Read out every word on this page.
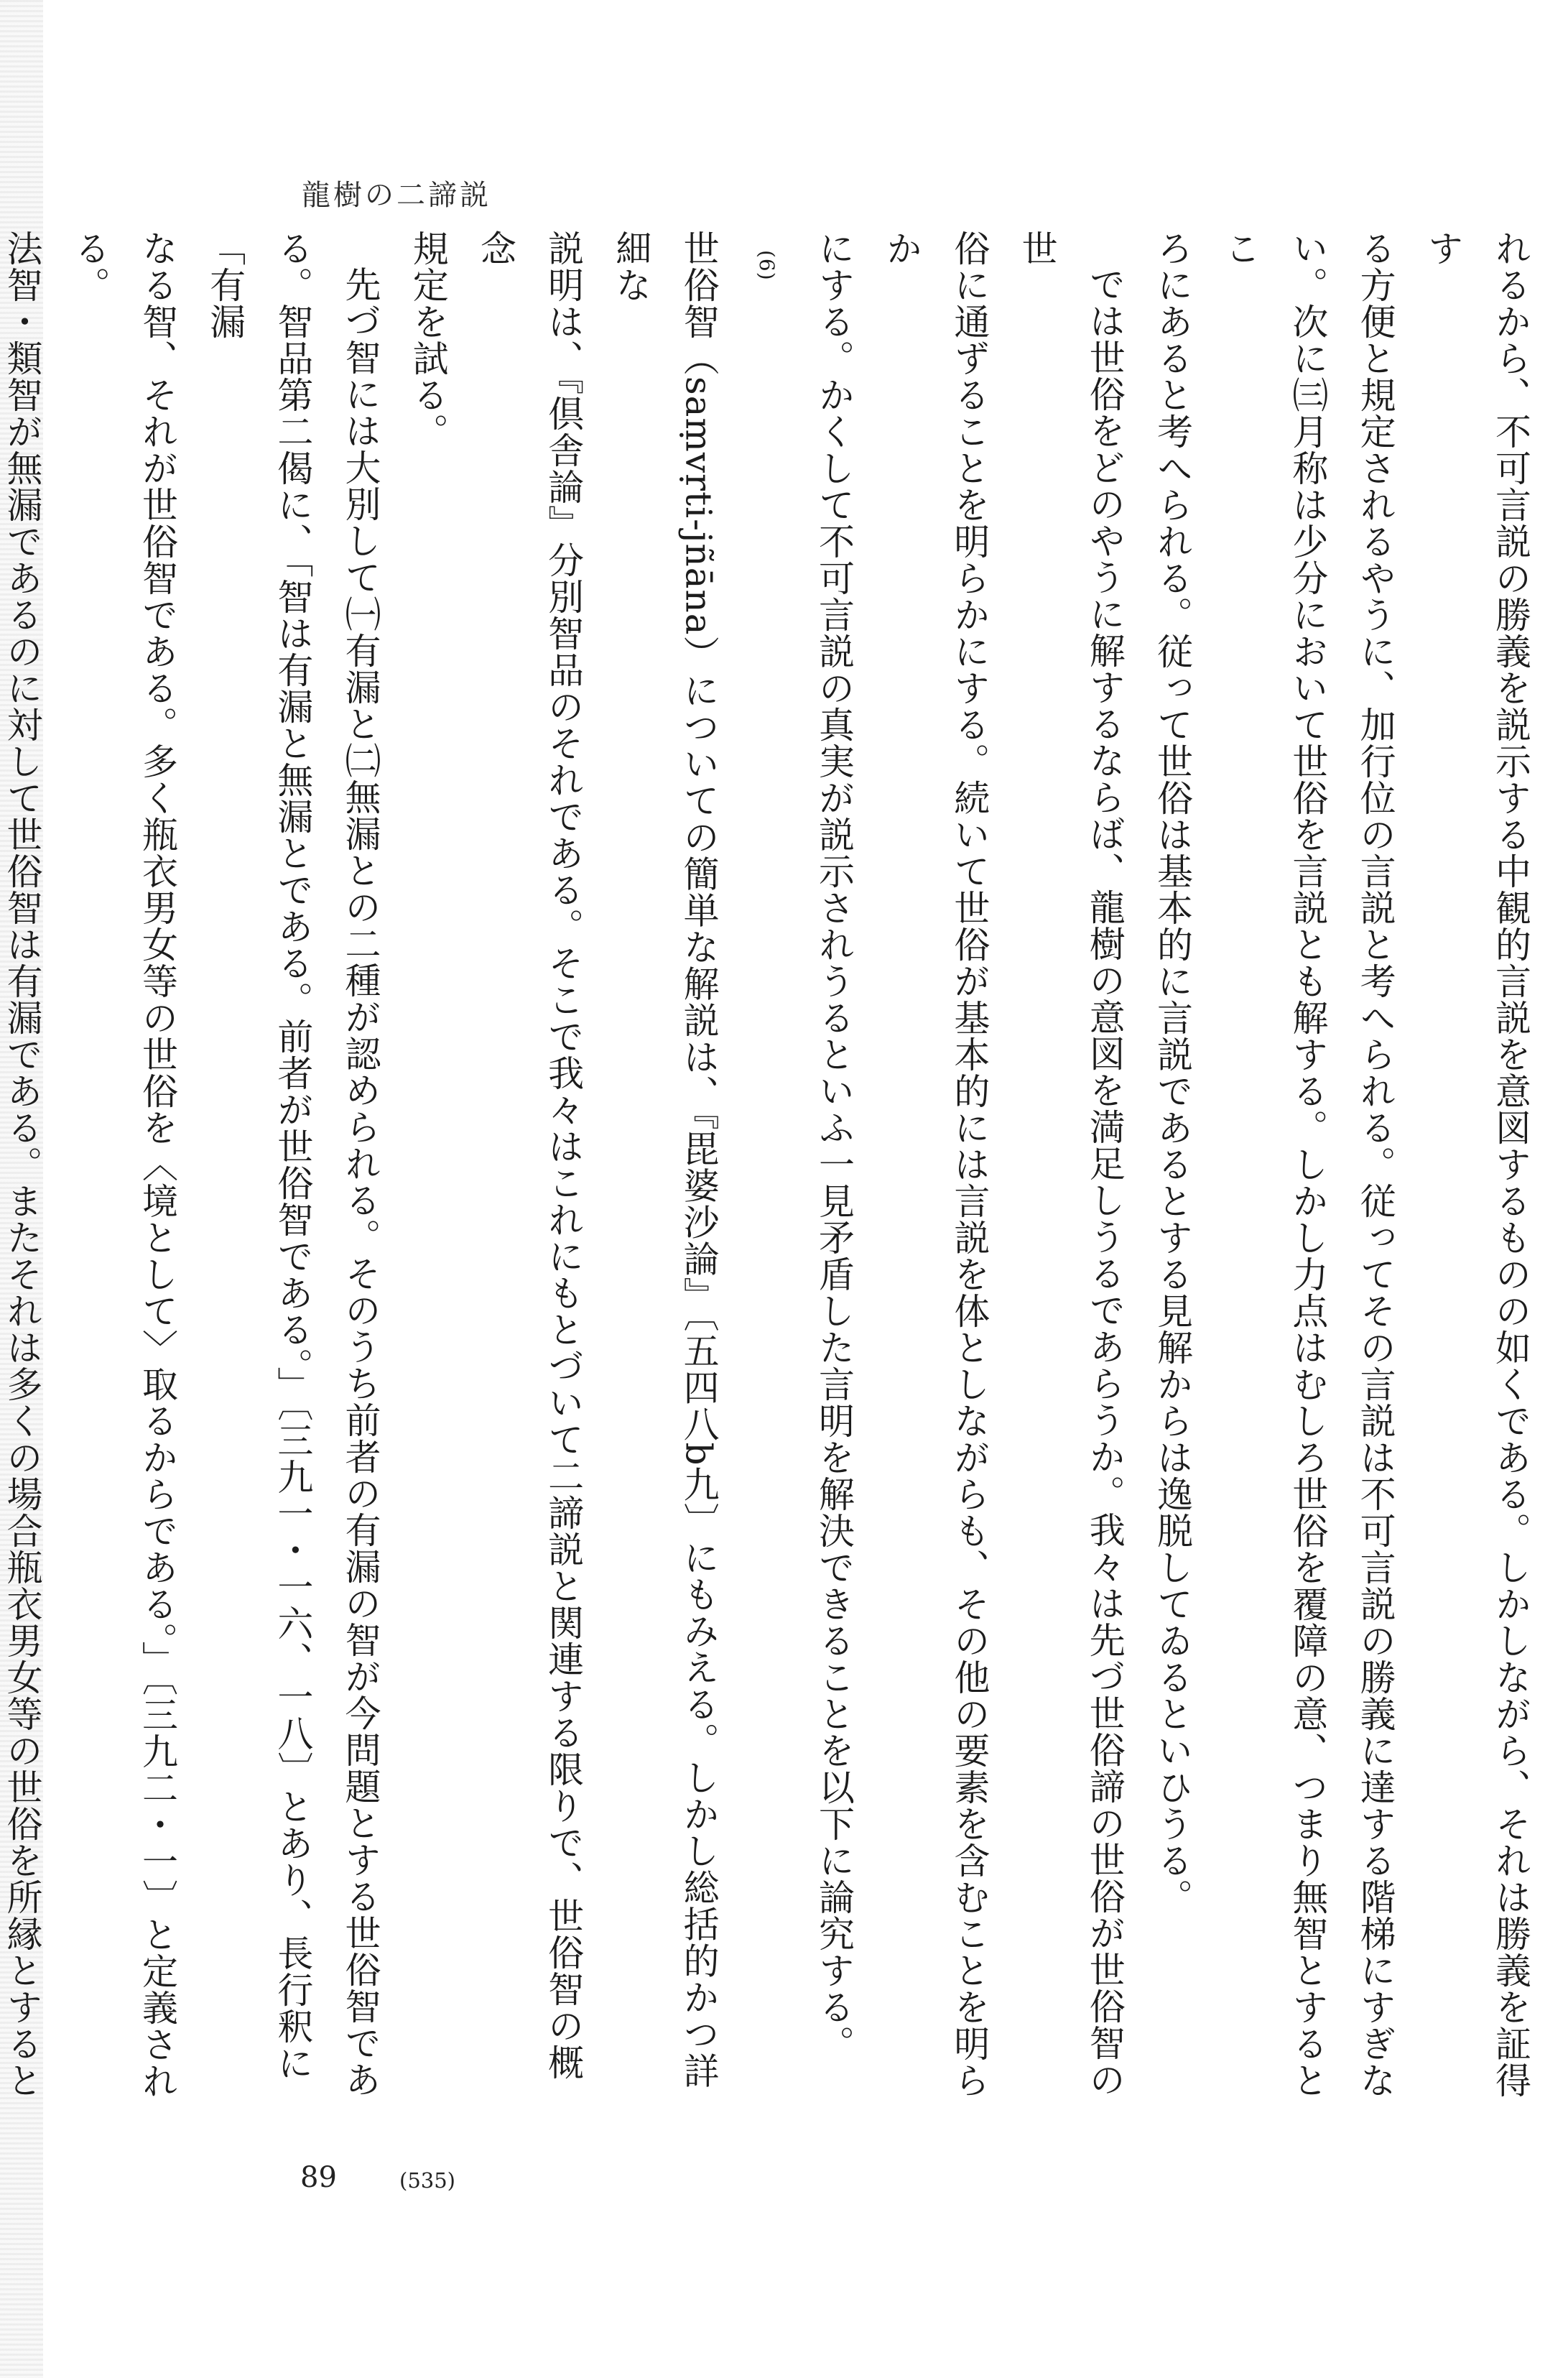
龍樹の二諦説

れるから、不可言説の勝義を説示する中観的言説を意図するものの如くである。しかしながら、それは勝義を証得す

る方便と規定されるやうに、加行位の言説と考へられる。従ってその言説は不可言説の勝義に達する階梯にすぎな

い。次に㈢月称は少分において世俗を言説とも解する。しかし力点はむしろ世俗を覆障の意、つまり無智とするとこ

ろにあると考へられる。従って世俗は基本的に言説であるとする見解からは逸脱してゐるといひうる。

では世俗をどのやうに解するならば、龍樹の意図を満足しうるであらうか。我々は先づ世俗諦の世俗が世俗智の世

俗に通ずることを明らかにする。続いて世俗が基本的には言説を体としながらも、その他の要素を含むことを明らか

にする。かくして不可言説の真実が説示されうるといふ一見矛盾した言明を解決できることを以下に論究する。

(6)

世俗智（saṃvṛti-jñāna）についての簡単な解説は、『毘婆沙論』〔五四八b九〕にもみえる。しかし総括的かつ詳細な

説明は、『倶舎論』分別智品のそれである。そこで我々はこれにもとづいて二諦説と関連する限りで、世俗智の概念

規定を試る。

先づ智には大別して㈠有漏と㈡無漏との二種が認められる。そのうち前者の有漏の智が今問題とする世俗智であ

る。智品第二偈に、「智は有漏と無漏とである。前者が世俗智である。」〔三九一・一六、一八〕とあり、長行釈に「有漏

なる智、それが世俗智である。多く瓶衣男女等の世俗を〈境として〉取るからである。」〔三九二・一〕と定義される。

法智・類智が無漏であるのに対して世俗智は有漏である。またそれは多くの場合瓶衣男女等の世俗を所縁とすると

89	(535)
